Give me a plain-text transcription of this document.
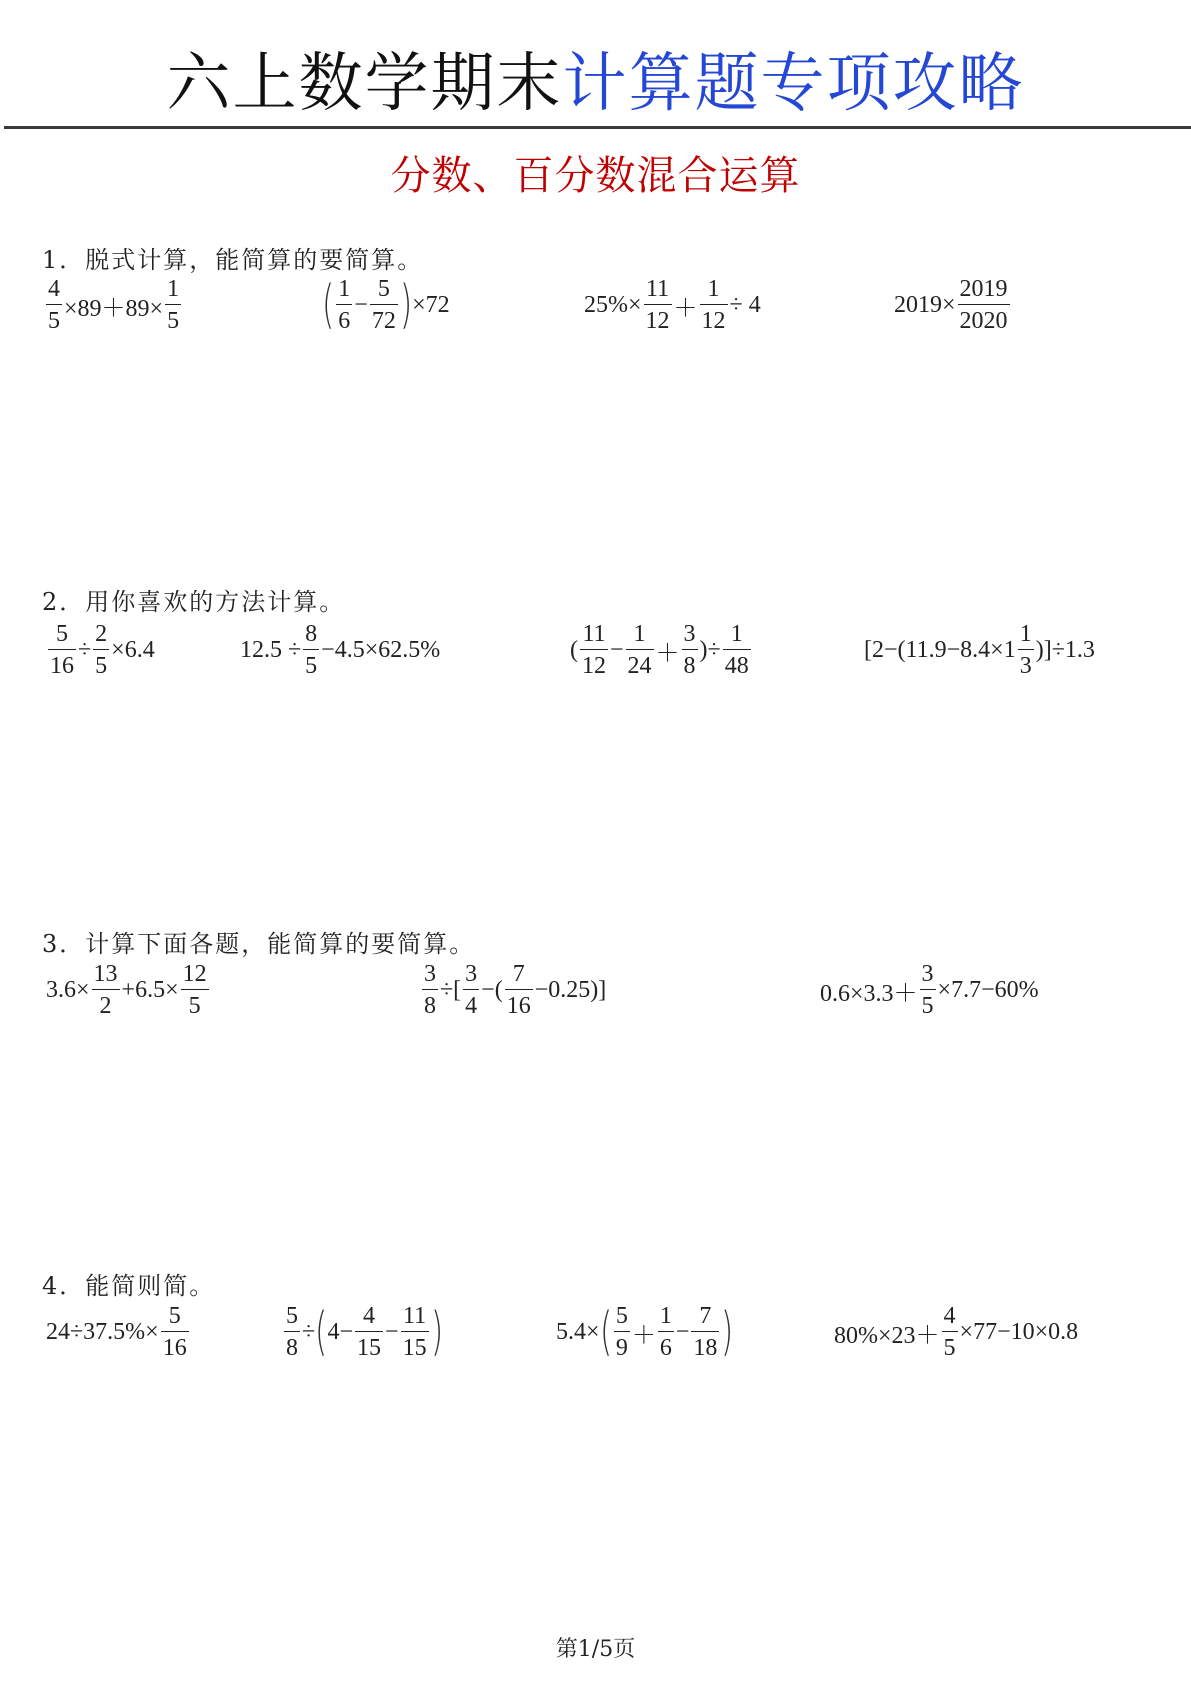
六上数学期末计算题专项攻略
分数、百分数混合运算
1．脱式计算，能简算的要简算。
$\frac{4}{5} \times 89+89\times \frac{1}{5}$	( $\frac{1}{6} - \frac{5}{72}$ ) ×72	$25\%\times \frac{11}{12} + \frac{1}{12} \div 4$	$2019\times \frac{2019}{2020}$
2．用你喜欢的方法计算。
$\frac{5}{16} \div \frac{2}{5} \times 6.4$	$12.5 \div \frac{8}{5} -4.5\times 62.5\%$	( $\frac{11}{12} - \frac{1}{24} + \frac{3}{8}$ )÷ $\frac{1}{48}$	$[2-(11.9-8.4\times 1 \frac{1}{3} )]\div 1.3$
3．计算下面各题，能简算的要简算。
$3.6\times \frac{13}{2} +6.5\times \frac{12}{5}$	$\frac{3}{8}$ ÷[ $\frac{3}{4}$ −( $\frac{7}{16} -0.25$)]	$0.6\times 3.3+ \frac{3}{5} \times 7.7-60\%$
4．能简则简。
$24\div 37.5\%\times \frac{5}{16}$	$\frac{5}{8}$ ÷ ( $4- \frac{4}{15} - \frac{11}{15}$ )	5.4× ( $\frac{5}{9} + \frac{1}{6} - \frac{7}{18}$ )	$80\%\times 23+ \frac{4}{5} \times 77-10\times 0.8$
第1/5页
